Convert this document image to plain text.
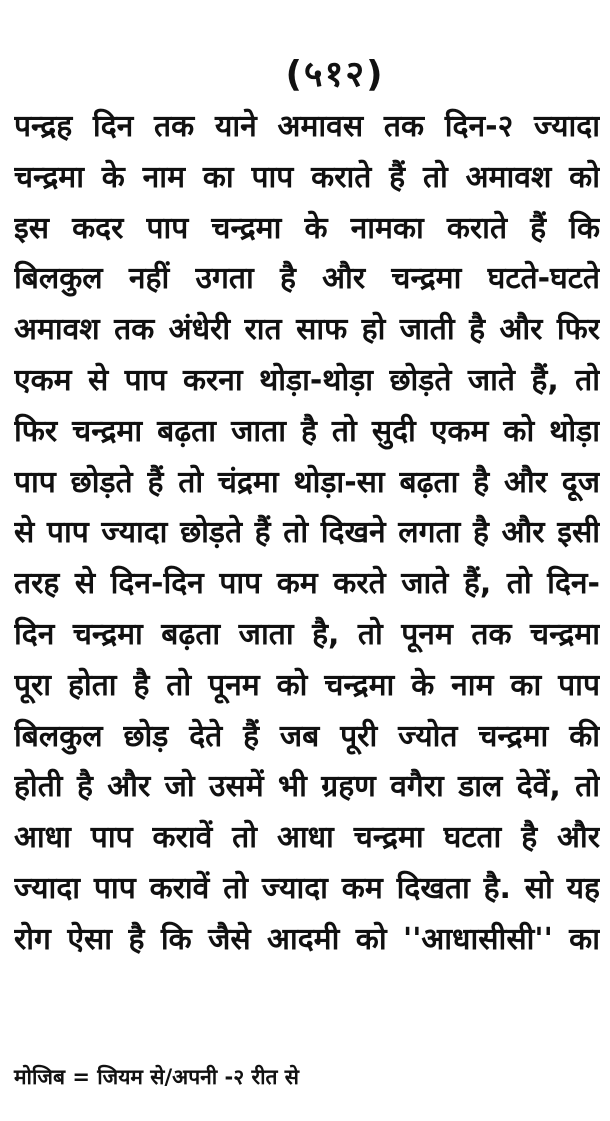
(५१२)
पन्द्रह दिन तक याने अमावस तक दिन-२ ज्यादा
चन्द्रमा के नाम का पाप कराते हैं तो अमावश को
इस कदर पाप चन्द्रमा के नामका कराते हैं कि
बिलकुल नहीं उगता है और चन्द्रमा घटते-घटते
अमावश तक अंधेरी रात साफ हो जाती है और फिर
एकम से पाप करना थोड़ा-थोड़ा छोड़ते जाते हैं, तो
फिर चन्द्रमा बढ़ता जाता है तो सुदी एकम को थोड़ा
पाप छोड़ते हैं तो चंद्रमा थोड़ा-सा बढ़ता है और दूज
से पाप ज्यादा छोड़ते हैं तो दिखने लगता है और इसी
तरह से दिन-दिन पाप कम करते जाते हैं, तो दिन-
दिन चन्द्रमा बढ़ता जाता है, तो पूनम तक चन्द्रमा
पूरा होता है तो पूनम को चन्द्रमा के नाम का पाप
बिलकुल छोड़ देते हैं जब पूरी ज्योत चन्द्रमा की
होती है और जो उसमें भी ग्रहण वगैरा डाल देवें, तो
आधा पाप करावें तो आधा चन्द्रमा घटता है और
ज्यादा पाप करावें तो ज्यादा कम दिखता है. सो यह
रोग ऐसा है कि जैसे आदमी को ''आधासीसी'' का
मोजिब = जियम से/अपनी -२ रीत से
